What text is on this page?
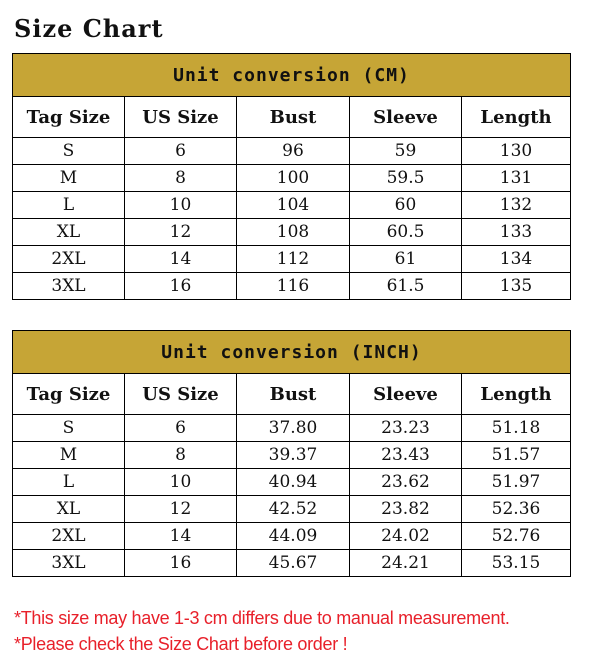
Size Chart
Unit conversion (CM)				
Tag Size	US Size	Bust	Sleeve	Length
S	6	96	59	130
M	8	100	59.5	131
L	10	104	60	132
XL	12	108	60.5	133
2XL	14	112	61	134
3XL	16	116	61.5	135
Unit conversion (INCH)				
Tag Size	US Size	Bust	Sleeve	Length
S	6	37.80	23.23	51.18
M	8	39.37	23.43	51.57
L	10	40.94	23.62	51.97
XL	12	42.52	23.82	52.36
2XL	14	44.09	24.02	52.76
3XL	16	45.67	24.21	53.15
*This size may have 1-3 cm differs due to manual measurement.
*Please check the Size Chart before order !
